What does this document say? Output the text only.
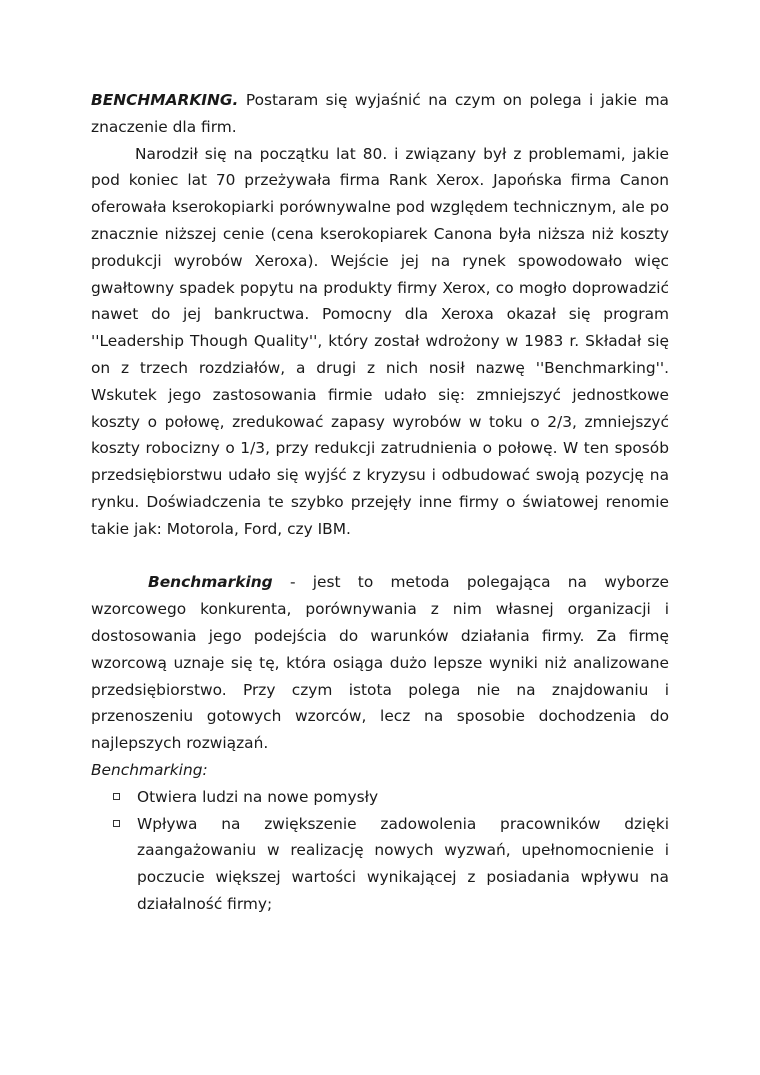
BENCHMARKING. Postaram się wyjaśnić na czym on polega i jakie ma znaczenie dla firm.

Narodził się na początku lat 80. i związany był z problemami, jakie pod koniec lat 70 przeżywała firma Rank Xerox. Japońska firma Canon oferowała kserokopiarki porównywalne pod względem technicznym, ale po znacznie niższej cenie (cena kserokopiarek Canona była niższa niż koszty produkcji wyrobów Xeroxa). Wejście jej na rynek spowodowało więc gwałtowny spadek popytu na produkty firmy Xerox, co mogło doprowadzić nawet do jej bankructwa. Pomocny dla Xeroxa okazał się program ''Leadership Though Quality'', który został wdrożony w 1983 r. Składał się on z trzech rozdziałów, a drugi z nich nosił nazwę ''Benchmarking''. Wskutek jego zastosowania firmie udało się: zmniejszyć jednostkowe koszty o połowę, zredukować zapasy wyrobów w toku o 2/3, zmniejszyć koszty robocizny o 1/3, przy redukcji zatrudnienia o połowę. W ten sposób przedsiębiorstwu udało się wyjść z kryzysu i odbudować swoją pozycję na rynku. Doświadczenia te szybko przejęły inne firmy o światowej renomie takie jak: Motorola, Ford, czy IBM.

Benchmarking - jest to metoda polegająca na wyborze wzorcowego konkurenta, porównywania z nim własnej organizacji i dostosowania jego podejścia do warunków działania firmy. Za firmę wzorcową uznaje się tę, która osiąga dużo lepsze wyniki niż analizowane przedsiębiorstwo. Przy czym istota polega nie na znajdowaniu i przenoszeniu gotowych wzorców, lecz na sposobie dochodzenia do najlepszych rozwiązań.

Benchmarking:

Otwiera ludzi na nowe pomysły
Wpływa na zwiększenie zadowolenia pracowników dzięki zaangażowaniu w realizację nowych wyzwań, upełnomocnienie i poczucie większej wartości wynikającej z posiadania wpływu na działalność firmy;
